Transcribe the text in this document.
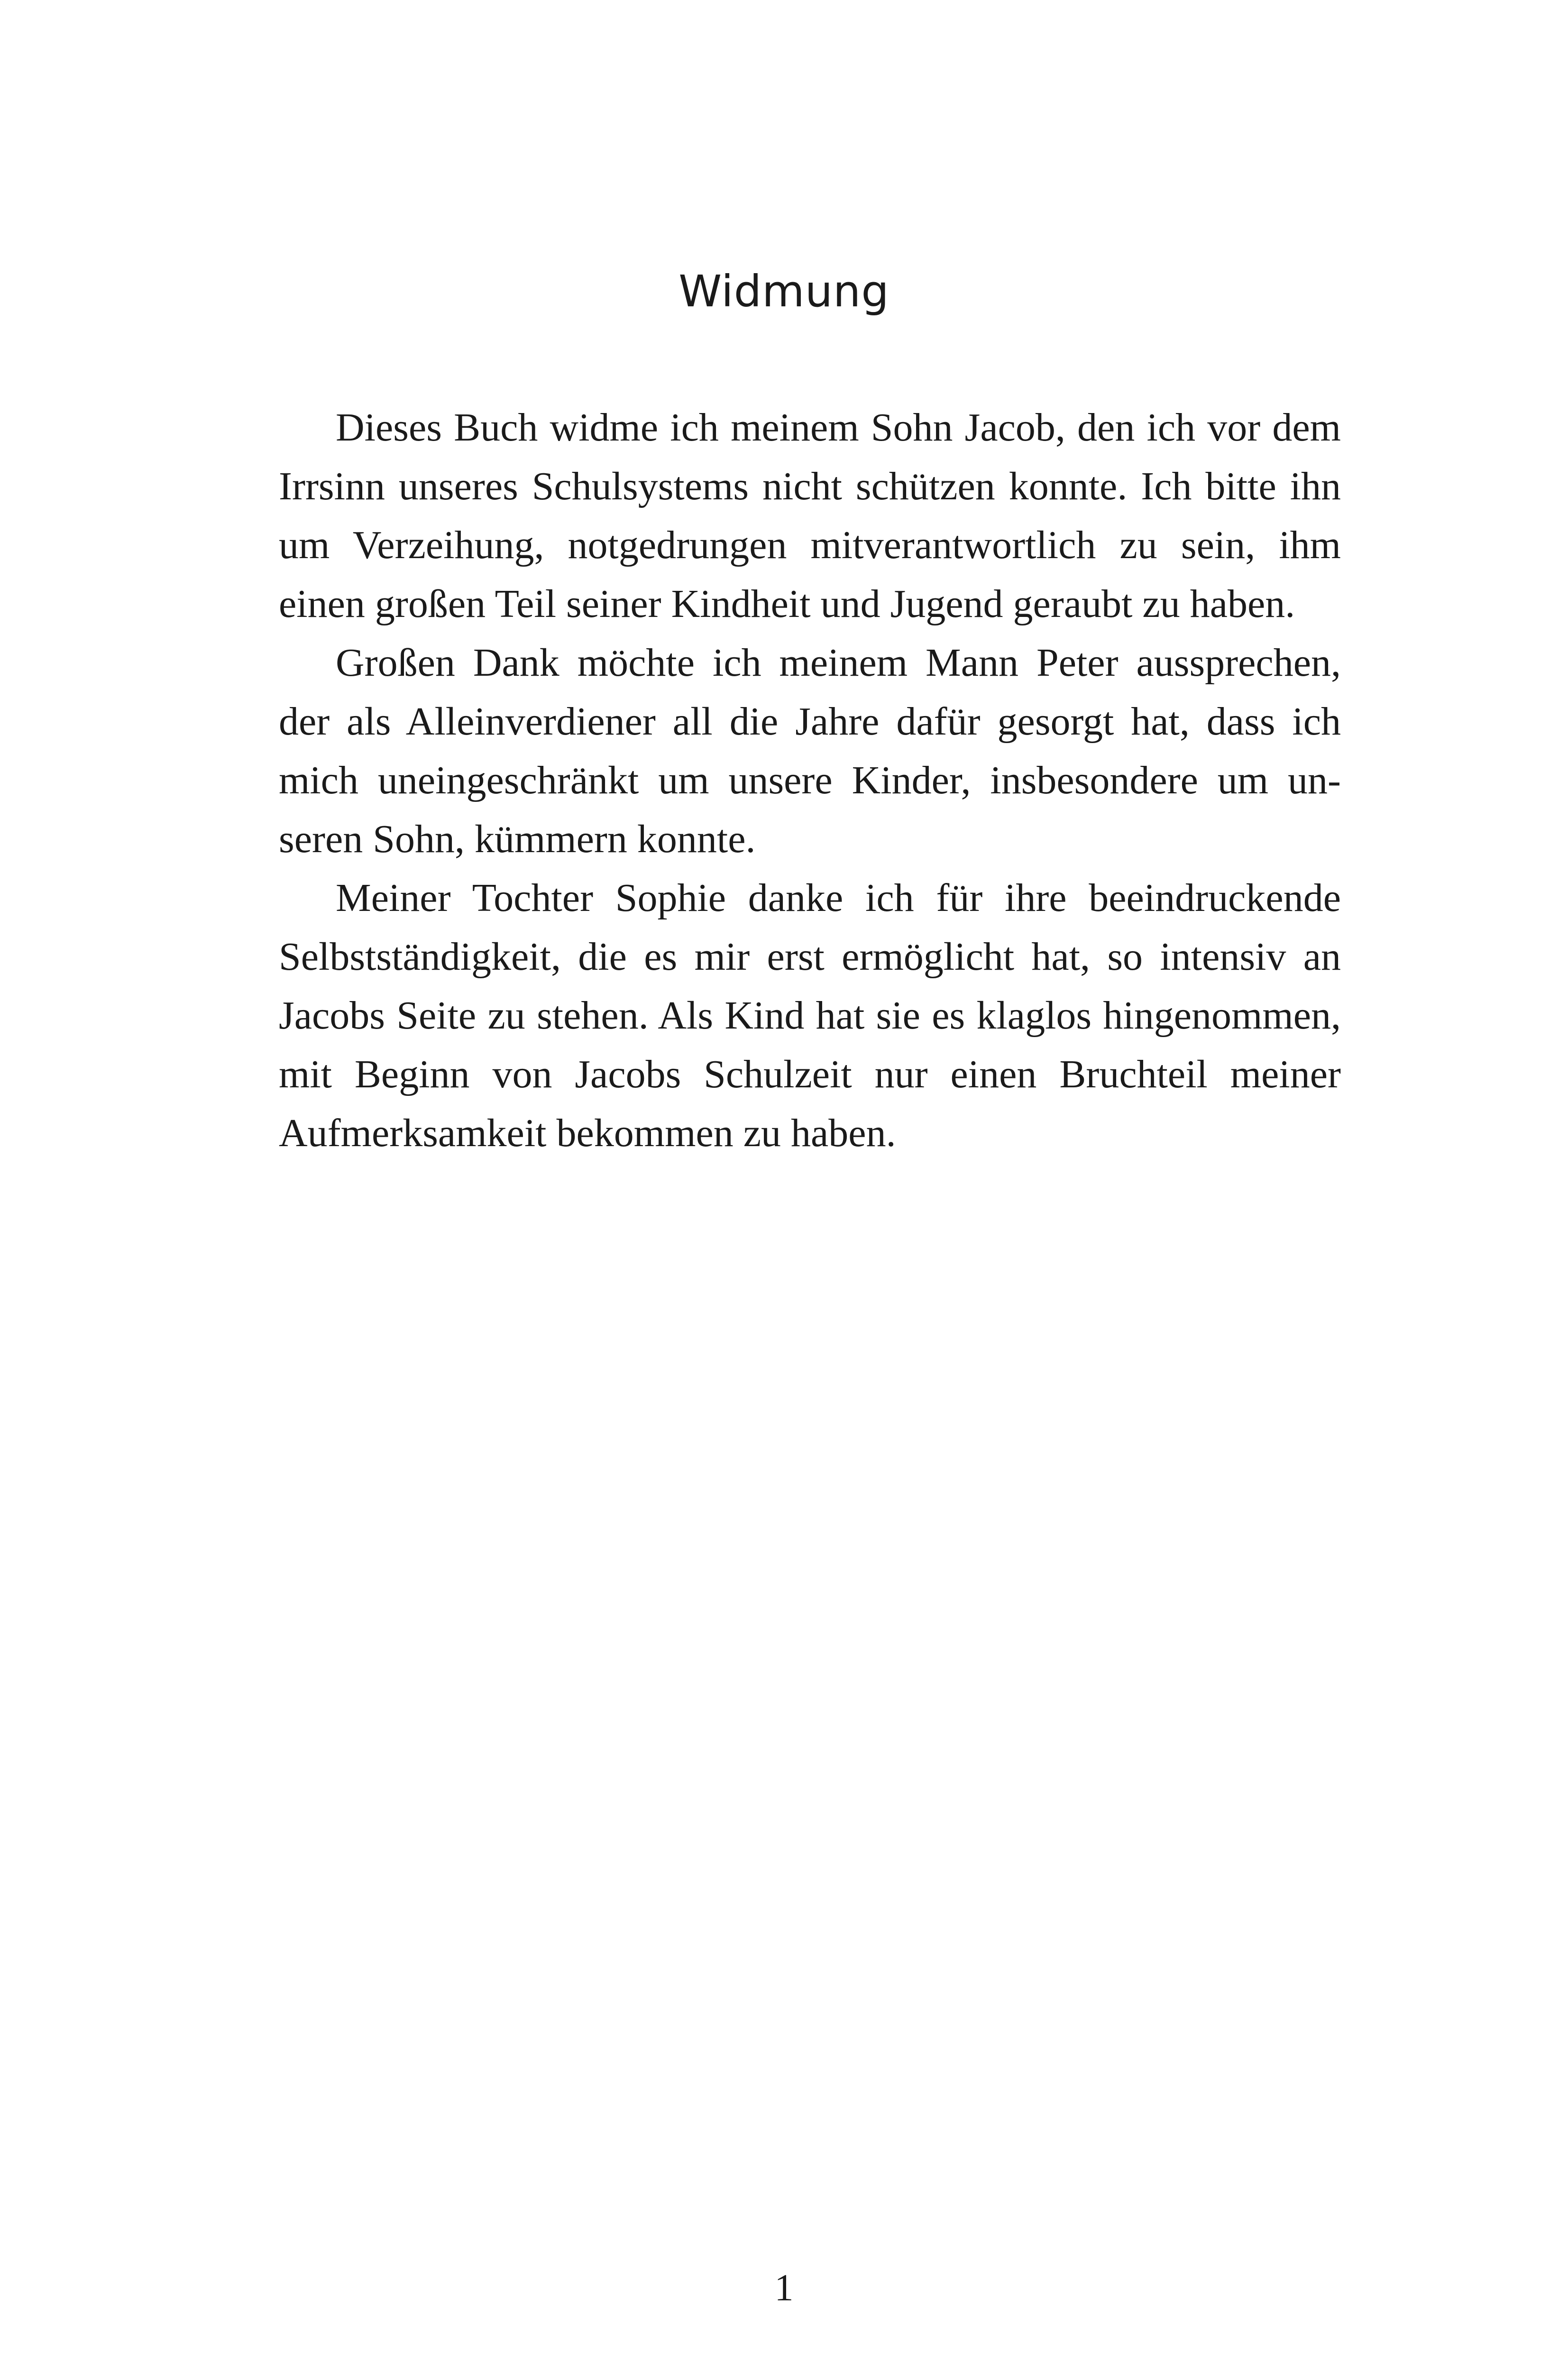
Widmung

Dieses Buch widme ich meinem Sohn Jacob, den ich vor dem Irrsinn unseres Schulsystems nicht schützen konnte. Ich bitte ihn um Verzeihung, notgedrungen mitverantwortlich zu sein, ihm einen großen Teil seiner Kindheit und Jugend geraubt zu haben.

Großen Dank möchte ich meinem Mann Peter aussprechen, der als Alleinverdiener all die Jahre dafür gesorgt hat, dass ich mich uneingeschränkt um unsere Kinder, insbesondere um unseren Sohn, kümmern konnte.

Meiner Tochter Sophie danke ich für ihre beeindruckende Selbstständigkeit, die es mir erst ermöglicht hat, so intensiv an Jacobs Seite zu stehen. Als Kind hat sie es klaglos hingenommen, mit Beginn von Jacobs Schulzeit nur einen Bruchteil meiner Aufmerksamkeit bekommen zu haben.

1
